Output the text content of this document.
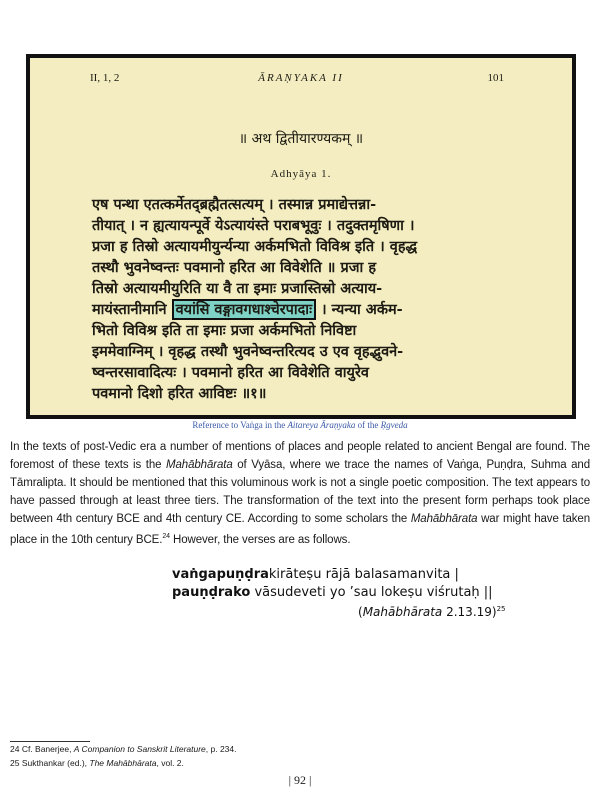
II, 1, 2	ĀRAṆYAKA II	101
॥ अथ द्वितीयारण्यकम् ॥
Adhyāya 1.
एष पन्था एतत्कर्मेतद्ब्रह्मैतत्सत्यम् । तस्मान्न प्रमाद्येत्तन्ना-
तीयात् । न ह्यत्यायन्पूर्वे येऽत्यायंस्ते पराबभूवुः । तदुक्तमृषिणा ।
प्रजा ह तिस्रो अत्यायमीयुर्न्यन्या अर्कमभितो विविश्र इति । वृहद्ध
तस्थौ भुवनेष्वन्तः पवमानो हरित आ विवेशेति ॥ प्रजा ह
तिस्रो अत्यायमीयुरिति या वै ता इमाः प्रजास्तिस्रो अत्याय-
मायंस्तानीमानि वयांसि वङ्गावगधाश्चेरपादाः । न्यन्या अर्कम-
भितो विविश्र इति ता इमाः प्रजा अर्कमभितो निविष्टा
इममेवाग्निम् । वृहद्ध तस्थौ भुवनेष्वन्तरित्यद उ एव वृहद्भुवने-
ष्वन्तरसावादित्यः । पवमानो हरित आ विवेशेति वायुरेव
पवमानो दिशो हरित आविष्टः ॥१॥
Reference to Vaṅga in the Aitareya Āraṇyaka of the Ṛgveda
In the texts of post-Vedic era a number of mentions of places and people related to ancient Bengal are found. The foremost of these texts is the Mahābhārata of Vyāsa, where we trace the names of Vaṅga, Puṇḍra, Suhma and Tāmralipta. It should be mentioned that this voluminous work is not a single poetic composition. The text appears to have passed through at least three tiers. The transformation of the text into the present form perhaps took place between 4th century BCE and 4th century CE. According to some scholars the Mahābhārata war might have taken place in the 10th century BCE.$^{24}$ However, the verses are as follows.
vaṅgapuṇḍrakirāteṣu rājā balasamanvita |
pauṇḍrako vāsudeveti yo ’sau lokeṣu viśrutaḥ ||
(Mahābhārata 2.13.19)$^{25}$
24 Cf. Banerjee, A Companion to Sanskrit Literature, p. 234.
25 Sukthankar (ed.), The Mahābhārata, vol. 2.
| 92 |
